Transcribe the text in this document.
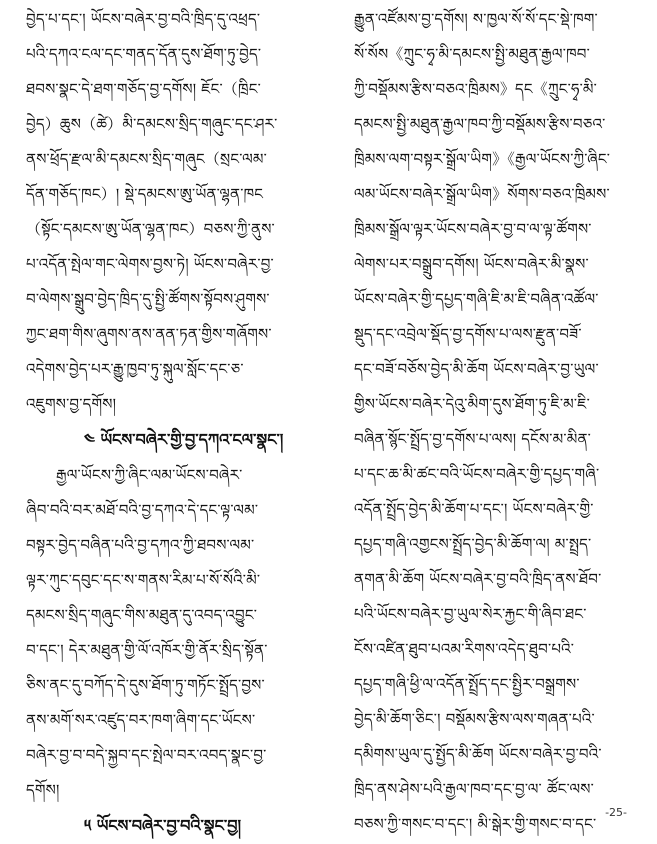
བྱེད་པ་དང་། ཡོངས་བཞེར་བྱ་བའི་ཁྲིད་དུ་འཕྲད་
པའི་དཀའ་ངལ་དང་གནད་དོན་དུས་ཐོག་ཏུ་བྱེད་
ཐབས་སྣང་དེ་ཐག་གཅོད་བྱ་དགོས། ཇོང་（ཁྲིང་
བྱེད）ཆུས（ཚེ）མི་དམངས་སྲིད་གཞུང་དང་ཤར་
ནས་ཕྲོད་རྫལ་མི་དམངས་སྲིད་གཞུང（སྲང་ལམ་
དོན་གཅོད་ཁང）། སྡེ་དམངས་ཨུ་ཡོན་ལྷན་ཁང
（སྟོང་དམངས་ཨུ་ཡོན་ལྷན་ཁང）བཅས་ཀྱི་ནུས་
པ་འདོན་སྤེལ་གང་ལེགས་བྱས་ཏེ། ཡོངས་བཞེར་བྱ་
བ་ལེགས་སྒྲུབ་བྱེད་ཁྲིད་དུ་སྤྱི་ཚོགས་སྟོབས་ཤུགས་
ཀྱང་ཐག་གིས་ཞུགས་ནས་ནན་ཏན་གྱིས་གཞོགས་
འདེགས་བྱེད་པར་རྒྱུ་ཁྱབ་ཏུ་སྐུལ་སློང་དང་ཅ་
འཇུགས་བྱ་དགོས།
༤ ཡོངས་བཞེར་གྱི་བྱ་དཀའ་ངལ་སྣང་།
རྒྱལ་ཡོངས་ཀྱི་ཞིང་ལམ་ཡོངས་བཞེར་
ཞིབ་བའི་བར་མཐོ་བའི་བྱ་དཀའ་དེ་དང་ལྟ་ལམ་
བསྟར་བྱེད་བཞིན་པའི་བྱ་དཀའ་ཀྱི་ཐབས་ལམ་
ལྟར་ཀུང་དབུང་དང་ས་གནས་རིམ་པ་སོ་སོའི་མི་
དམངས་སྲིད་གཞུང་གིས་མཐུན་དུ་འབད་འབྱུང་
བ་དང་། དེར་མཐུན་གྱི་ལོ་འཁོར་གྱི་ནོར་སྲིད་སྟོན་
ཅིས་ནང་དུ་བཀོད་དེ་དུས་ཐོག་ཏུ་གཏོང་སྤྲོད་བྱས་
ནས་མགོ་སར་འཛུད་བར་ཁག་ཞིག་དང་ཡོངས་
བཞེར་བྱ་བ་བདེ་སྐྱབ་དང་སྤེལ་བར་འབད་སྣང་བྱ་
དགོས།
༥ ཡོངས་བཞེར་བྱ་བའི་སྣང་བྱ།
རྒྱུན་འཛོམས་བྱ་དགོས། ས་ཁྱལ་སོ་སོ་དང་སྡེ་ཁག་
སོ་སོས《ཀྲུང་ཧྭ་མི་དམངས་སྤྱི་མཐུན་རྒྱལ་ཁབ་
ཀྱི་བསྡོམས་རྩིས་བཅའ་ཁྲིམས》དང《ཀྲུང་ཧྭ་མི་
དམངས་སྤྱི་མཐུན་རྒྱལ་ཁབ་ཀྱི་བསྡོམས་རྩིས་བཅའ་
ཁྲིམས་ལག་བསྟར་སྒྲོལ་ཡིག》《རྒྱལ་ཡོངས་ཀྱི་ཞིང་
ལམ་ཡོངས་བཞེར་སྒྲོལ་ཡིག》སོགས་བཅའ་ཁྲིམས་
ཁྲིམས་སྒྲོལ་ལྟར་ཡོངས་བཞེར་བྱ་བ་ལ་ལྟ་ཚོགས་
ལེགས་པར་བསྒྲུབ་དགོས། ཡོངས་བཞེར་མི་སྣས་
ཡོངས་བཞེར་གྱི་དཔྱད་གཞི་ཇི་མ་ཇི་བཞིན་འཚོལ་
སྡུད་དང་འབྲེལ་སྡོད་བྱ་དགོས་པ་ལས་རྫུན་བཟོ་
དང་བཟོ་བཅོས་བྱེད་མི་ཆོག ཡོངས་བཞེར་བྱ་ཡུལ་
གྱིས་ཡོངས་བཞེར་དེའུ་མིག་དུས་ཐོག་ཏུ་ཇི་མ་ཇི་
བཞིན་སྙོང་སྤྲོད་བྱ་དགོས་པ་ལས། དངོས་མ་མིན་
པ་དང་ཆ་མི་ཚང་བའི་ཡོངས་བཞེར་གྱི་དཔྱད་གཞི་
འདོན་སྤྲོད་བྱེད་མི་ཆོག་པ་དང་། ཡོངས་བཞེར་གྱི་
དཔྱད་གཞི་འགྱངས་སྤྲོད་བྱེད་མི་ཆོག་ལ། མ་སྤྲད་
ནགན་མི་ཆོག ཡོངས་བཞེར་བྱ་བའི་ཁྲིད་ནས་ཐོབ་
པའི་ཡོངས་བཞེར་བྱ་ཡུལ་སེར་རྐྱང་གི་ཞིབ་ཐང་
ངོས་འཛིན་ཐུབ་པའམ་རིགས་འདེད་ཐུབ་པའི་
དཔྱད་གཞི་ཕྱི་ལ་འདོན་སྤྲོད་དང་སྤྱིར་བསྒྲགས་
བྱེད་མི་ཆོག་ཅིང་། བསྡོམས་རྩིས་ལས་གཞན་པའི་
དམིགས་ཡུལ་དུ་སྤྱོད་མི་ཆོག ཡོངས་བཞེར་བྱ་བའི་
ཁྲིད་ནས་ཤེས་པའི་རྒྱལ་ཁབ་དང་བྱ་ལ་ ཚོང་ལས་
བཅས་ཀྱི་གསང་བ་དང་། མི་སྒེར་གྱི་གསང་བ་དང་
-25-
